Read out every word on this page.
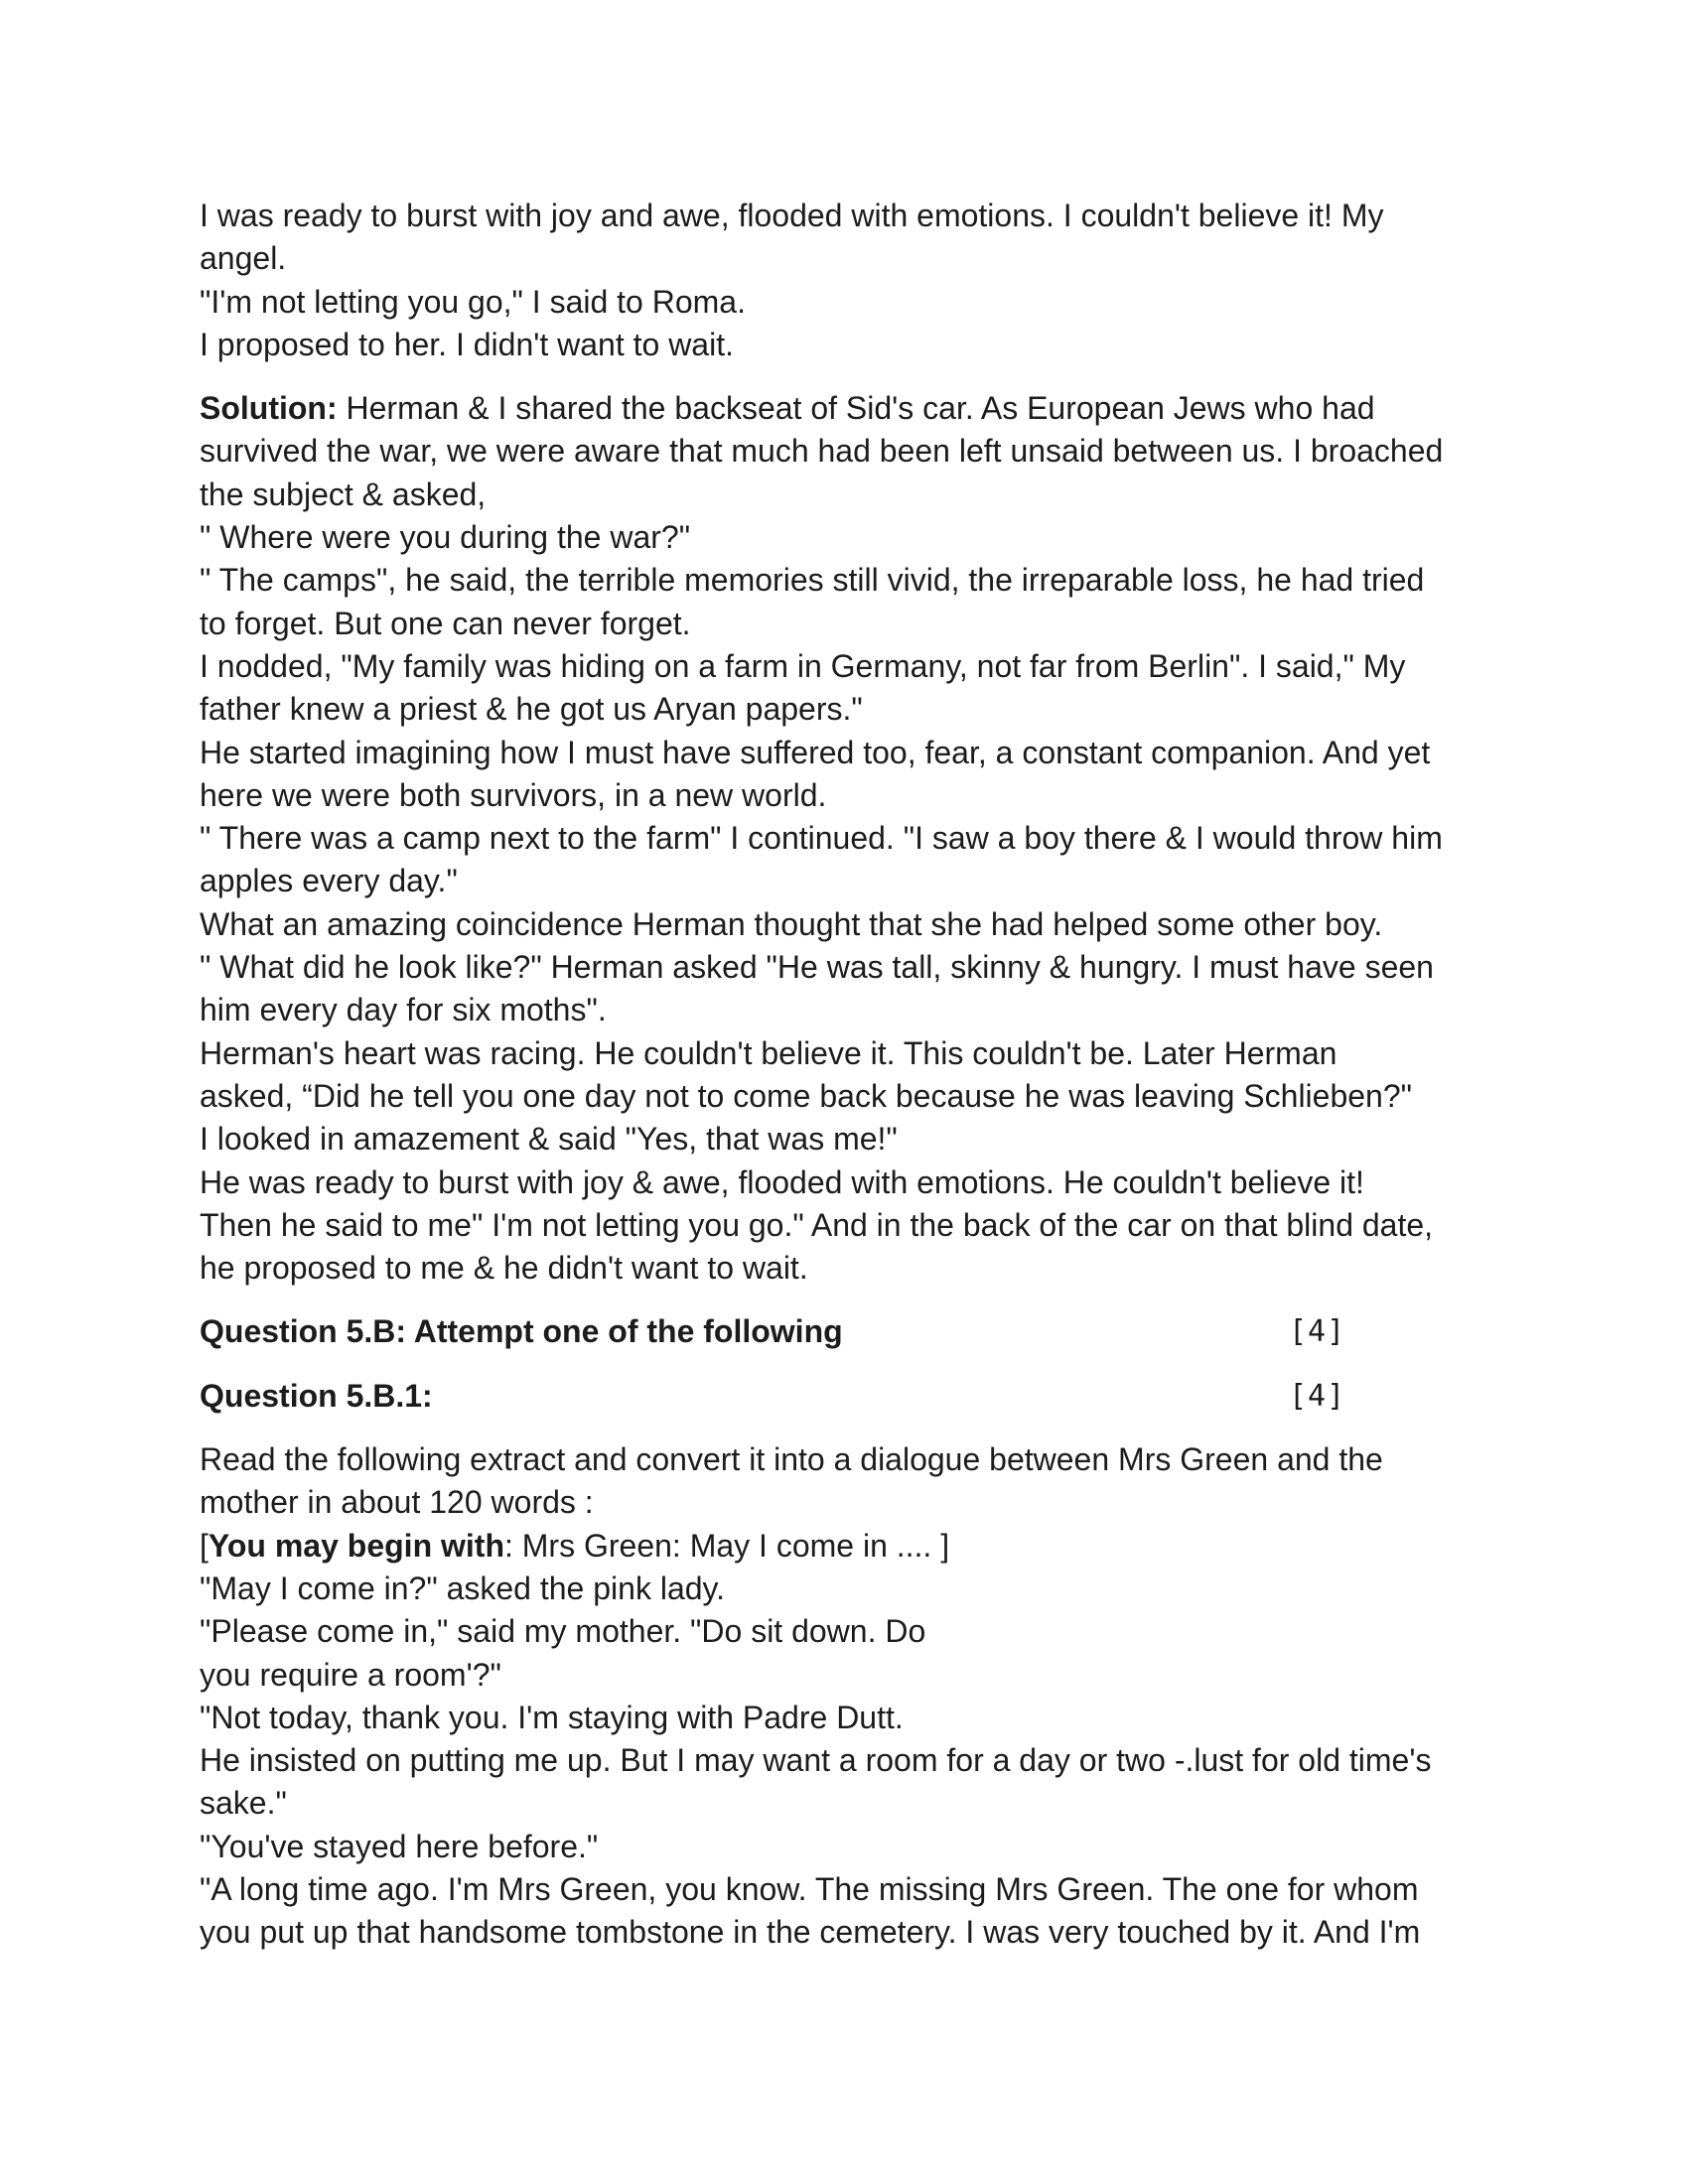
I was ready to burst with joy and awe, flooded with emotions. I couldn't believe it! My
angel.
"I'm not letting you go," I said to Roma.
I proposed to her. I didn't want to wait.
Solution: Herman & I shared the backseat of Sid's car. As European Jews who had
survived the war, we were aware that much had been left unsaid between us. I broached
the subject & asked,
" Where were you during the war?"
" The camps", he said, the terrible memories still vivid, the irreparable loss, he had tried
to forget. But one can never forget.
I nodded, "My family was hiding on a farm in Germany, not far from Berlin". I said," My
father knew a priest & he got us Aryan papers."
He started imagining how I must have suffered too, fear, a constant companion. And yet
here we were both survivors, in a new world.
" There was a camp next to the farm" I continued. "I saw a boy there & I would throw him
apples every day."
What an amazing coincidence Herman thought that she had helped some other boy.
" What did he look like?" Herman asked "He was tall, skinny & hungry. I must have seen
him every day for six moths".
Herman's heart was racing. He couldn't believe it. This couldn't be. Later Herman
asked, “Did he tell you one day not to come back because he was leaving Schlieben?"
I looked in amazement & said "Yes, that was me!"
He was ready to burst with joy & awe, flooded with emotions. He couldn't believe it!
Then he said to me" I'm not letting you go." And in the back of the car on that blind date,
he proposed to me & he didn't want to wait.
Question 5.B: Attempt one of the following	[4]
Question 5.B.1:	[4]
Read the following extract and convert it into a dialogue between Mrs Green and the
mother in about 120 words :
[You may begin with: Mrs Green: May I come in .... ]
"May I come in?" asked the pink lady.
"Please come in," said my mother. "Do sit down. Do
you require a room'?"
"Not today, thank you. I'm staying with Padre Dutt.
He insisted on putting me up. But I may want a room for a day or two -.lust for old time's
sake."
"You've stayed here before."
"A long time ago. I'm Mrs Green, you know. The missing Mrs Green. The one for whom
you put up that handsome tombstone in the cemetery. I was very touched by it. And I'm
